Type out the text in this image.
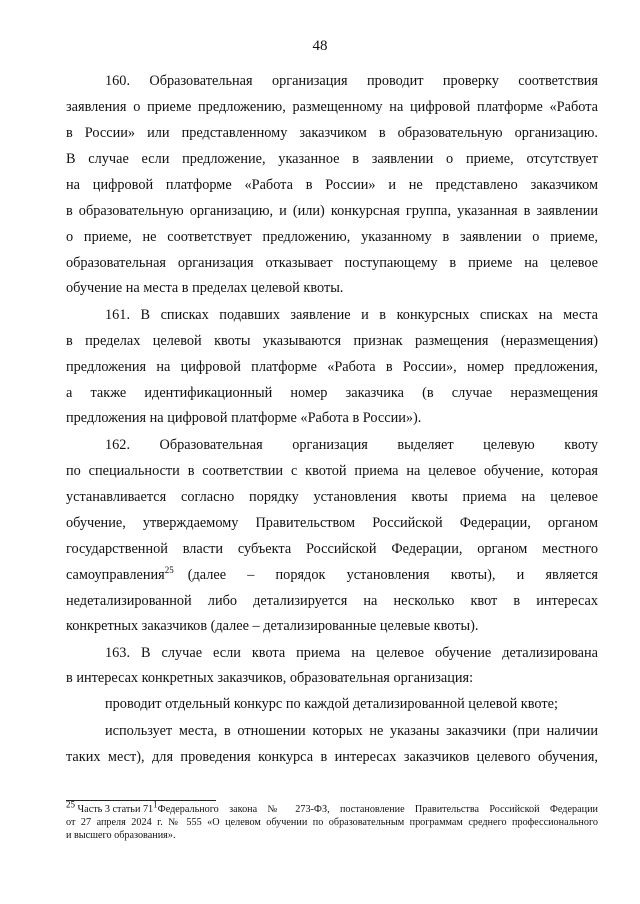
48
160. Образовательная организация проводит проверку соответствия
заявления о приеме предложению, размещенному на цифровой платформе «Работа
в России» или представленному заказчиком в образовательную организацию.
В случае если предложение, указанное в заявлении о приеме, отсутствует
на цифровой платформе «Работа в России» и не представлено заказчиком
в образовательную организацию, и (или) конкурсная группа, указанная в заявлении
о приеме, не соответствует предложению, указанному в заявлении о приеме,
образовательная организация отказывает поступающему в приеме на целевое
обучение на места в пределах целевой квоты.
161. В списках подавших заявление и в конкурсных списках на места
в пределах целевой квоты указываются признак размещения (неразмещения)
предложения на цифровой платформе «Работа в России», номер предложения,
а также идентификационный номер заказчика (в случае неразмещения
предложения на цифровой платформе «Работа в России»).
162. Образовательная организация выделяет целевую квоту
по специальности в соответствии с квотой приема на целевое обучение, которая
устанавливается согласно порядку установления квоты приема на целевое
обучение, утверждаемому Правительством Российской Федерации, органом
государственной власти субъекта Российской Федерации, органом местного
самоуправления$^{25}$ (далее – порядок установления квоты), и является
недетализированной либо детализируется на несколько квот в интересах
конкретных заказчиков (далее – детализированные целевые квоты).
163. В случае если квота приема на целевое обучение детализирована
в интересах конкретных заказчиков, образовательная организация:
проводит отдельный конкурс по каждой детализированной целевой квоте;
использует места, в отношении которых не указаны заказчики (при наличии
таких мест), для проведения конкурса в интересах заказчиков целевого обучения,
$^{25}$ Часть 3 статьи $71^1$ Федерального закона № 273-ФЗ, постановление Правительства Российской Федерации
от 27 апреля 2024 г. № 555 «О целевом обучении по образовательным программам среднего профессионального
и высшего образования».
